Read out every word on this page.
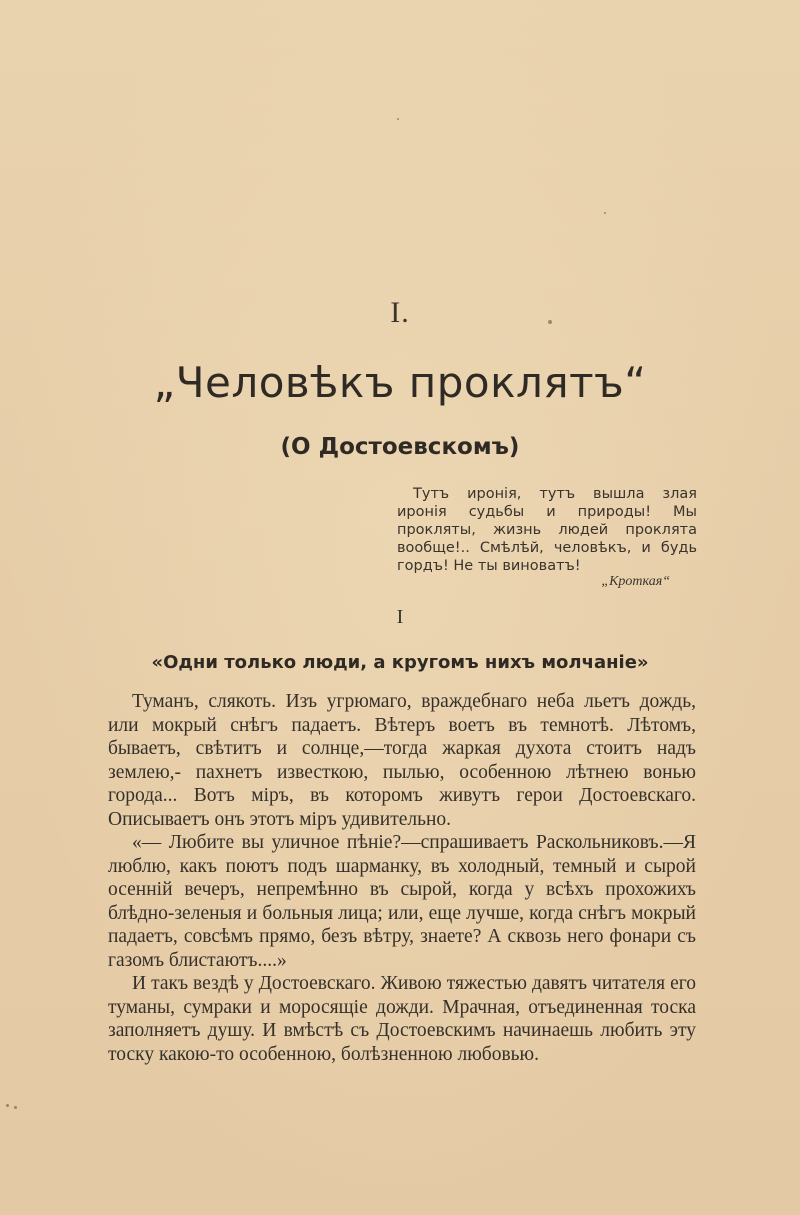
I.
„Человѣкъ проклятъ“
(О Достоевскомъ)
Тутъ иронія, тутъ вышла злая иронія судьбы и природы! Мы прокляты, жизнь людей проклята вообще!.. Смѣлѣй, человѣкъ, и будь гордъ! Не ты виноватъ!
„Кроткая“
I
«Одни только люди, а кругомъ нихъ молчаніе»

Туманъ, слякоть. Изъ угрюмаго, враждебнаго неба льетъ дождь, или мокрый снѣгъ падаетъ. Вѣтеръ воетъ въ темнотѣ. Лѣтомъ, бываетъ, свѣтитъ и солнце,—тогда жаркая духота стоитъ надъ землею,- пахнетъ известкою, пылью, особенною лѣтнею вонью города... Вотъ міръ, въ которомъ живутъ герои Достоевскаго. Описываетъ онъ этотъ міръ удивительно.

«— Любите вы уличное пѣніе?—спрашиваетъ Раскольниковъ.—Я люблю, какъ поютъ подъ шарманку, въ холодный, темный и сырой осенній вечеръ, непремѣнно въ сырой, когда у всѣхъ прохожихъ блѣдно-зеленыя и больныя лица; или, еще лучше, когда снѣгъ мокрый падаетъ, совсѣмъ прямо, безъ вѣтру, знаете? А сквозь него фонари съ газомъ блистаютъ....»

И такъ вездѣ у Достоевскаго. Живою тяжестью давятъ читателя его туманы, сумраки и моросящіе дожди. Мрачная, отъединенная тоска заполняетъ душу. И вмѣстѣ съ Достоевскимъ начинаешь любить эту тоску какою-то особенною, болѣзненною любовью.
